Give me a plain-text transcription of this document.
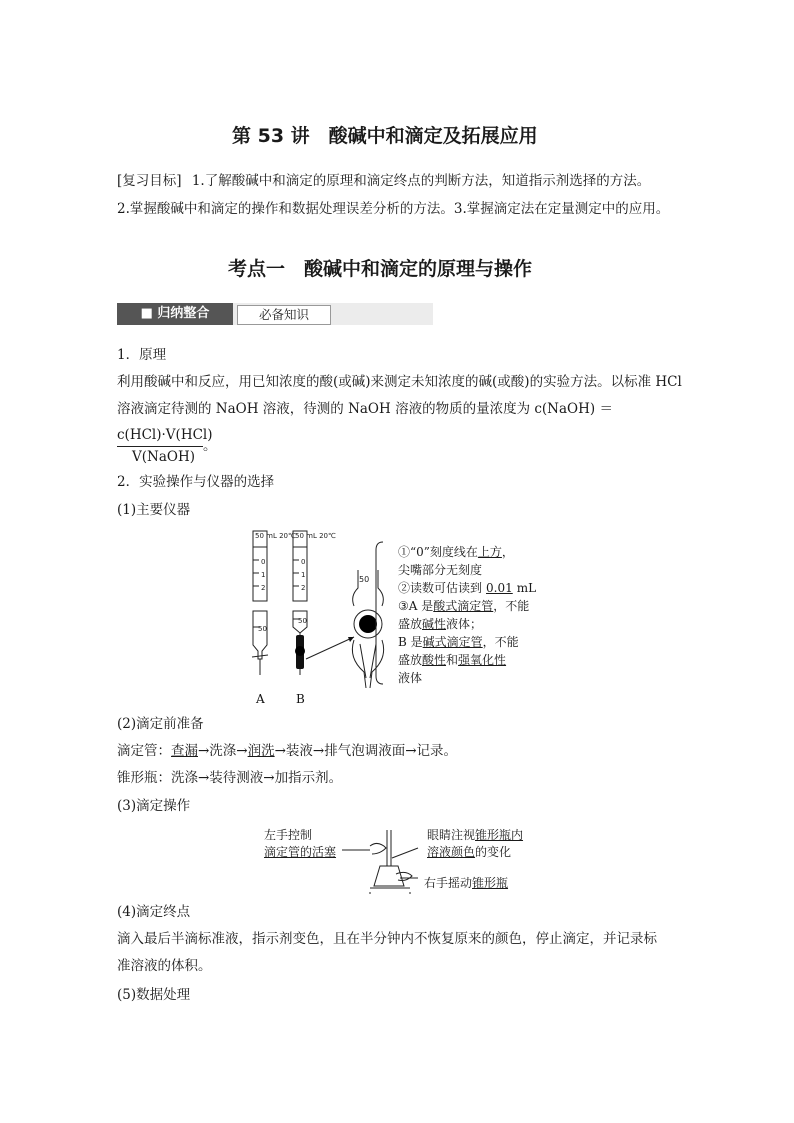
第 53 讲　酸碱中和滴定及拓展应用
[复习目标] 1.了解酸碱中和滴定的原理和滴定终点的判断方法，知道指示剂选择的方法。
2.掌握酸碱中和滴定的操作和数据处理误差分析的方法。3.掌握滴定法在定量测定中的应用。
考点一　酸碱中和滴定的原理与操作
■ 归纳整合	必备知识
1．原理
利用酸碱中和反应，用已知浓度的酸(或碱)来测定未知浓度的碱(或酸)的实验方法。以标准 HCl
溶液滴定待测的 NaOH 溶液，待测的 NaOH 溶液的物质的量浓度为 c(NaOH) ＝
c(HCl)·V(HCl)
V(NaOH)
。
2．实验操作与仪器的选择
(1)主要仪器
50 mL 20℃ 50 mL 20℃
0
1
2
0
1
2
50
50
A	B
50
①“0”刻度线在上方，
尖嘴部分无刻度
②读数可估读到 0.01 mL
③A 是酸式滴定管，不能
盛放碱性液体；
B 是碱式滴定管，不能
盛放酸性和强氧化性
液体
(2)滴定前准备
滴定管：查漏→洗涤→润洗→装液→排气泡调液面→记录。
锥形瓶：洗涤→装待测液→加指示剂。
(3)滴定操作
左手控制
滴定管的活塞
眼睛注视锥形瓶内
溶液颜色的变化
右手摇动锥形瓶
(4)滴定终点
滴入最后半滴标准液，指示剂变色，且在半分钟内不恢复原来的颜色，停止滴定，并记录标
准溶液的体积。
(5)数据处理
